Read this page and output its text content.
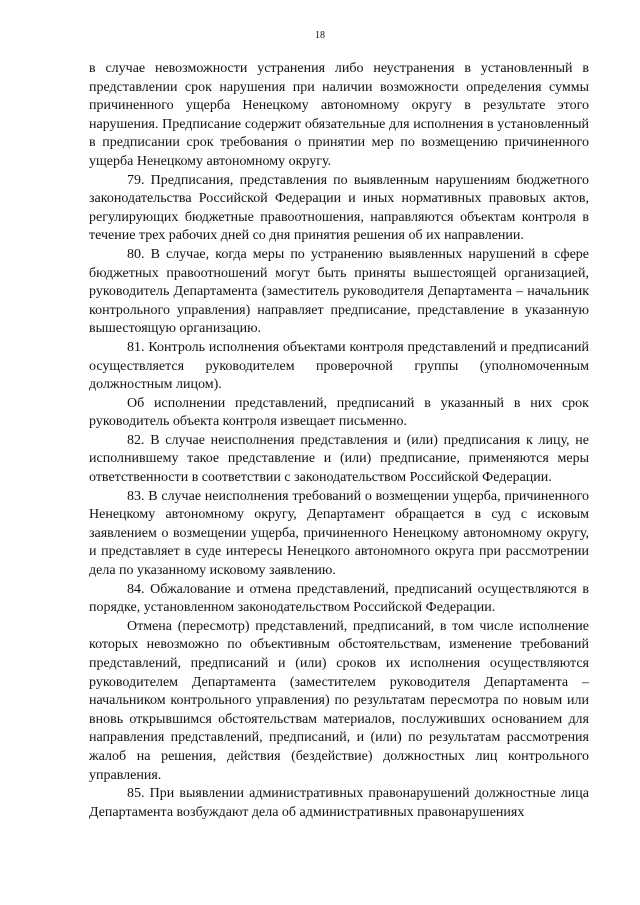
18

в случае невозможности устранения либо неустранения в установленный в представлении срок нарушения при наличии возможности определения суммы причиненного ущерба Ненецкому автономному округу в результате этого нарушения. Предписание содержит обязательные для исполнения в установленный в предписании срок требования о принятии мер по возмещению причиненного ущерба Ненецкому автономному округу.

79. Предписания, представления по выявленным нарушениям бюджетного законодательства Российской Федерации и иных нормативных правовых актов, регулирующих бюджетные правоотношения, направляются объектам контроля в течение трех рабочих дней со дня принятия решения об их направлении.

80. В случае, когда меры по устранению выявленных нарушений в сфере бюджетных правоотношений могут быть приняты вышестоящей организацией, руководитель Департамента (заместитель руководителя Департамента – начальник контрольного управления) направляет предписание, представление в указанную вышестоящую организацию.

81. Контроль исполнения объектами контроля представлений и предписаний осуществляется руководителем проверочной группы (уполномоченным должностным лицом).

Об исполнении представлений, предписаний в указанный в них срок руководитель объекта контроля извещает письменно.

82. В случае неисполнения представления и (или) предписания к лицу, не исполнившему такое представление и (или) предписание, применяются меры ответственности в соответствии с законодательством Российской Федерации.

83. В случае неисполнения требований о возмещении ущерба, причиненного Ненецкому автономному округу, Департамент обращается в суд с исковым заявлением о возмещении ущерба, причиненного Ненецкому автономному округу, и представляет в суде интересы Ненецкого автономного округа при рассмотрении дела по указанному исковому заявлению.

84. Обжалование и отмена представлений, предписаний осуществляются в порядке, установленном законодательством Российской Федерации.

Отмена (пересмотр) представлений, предписаний, в том числе исполнение которых невозможно по объективным обстоятельствам, изменение требований представлений, предписаний и (или) сроков их исполнения осуществляются руководителем Департамента (заместителем руководителя Департамента – начальником контрольного управления) по результатам пересмотра по новым или вновь открывшимся обстоятельствам материалов, послуживших основанием для направления представлений, предписаний, и (или) по результатам рассмотрения жалоб на решения, действия (бездействие) должностных лиц контрольного управления.

85. При выявлении административных правонарушений должностные лица Департамента возбуждают дела об административных правонарушениях
